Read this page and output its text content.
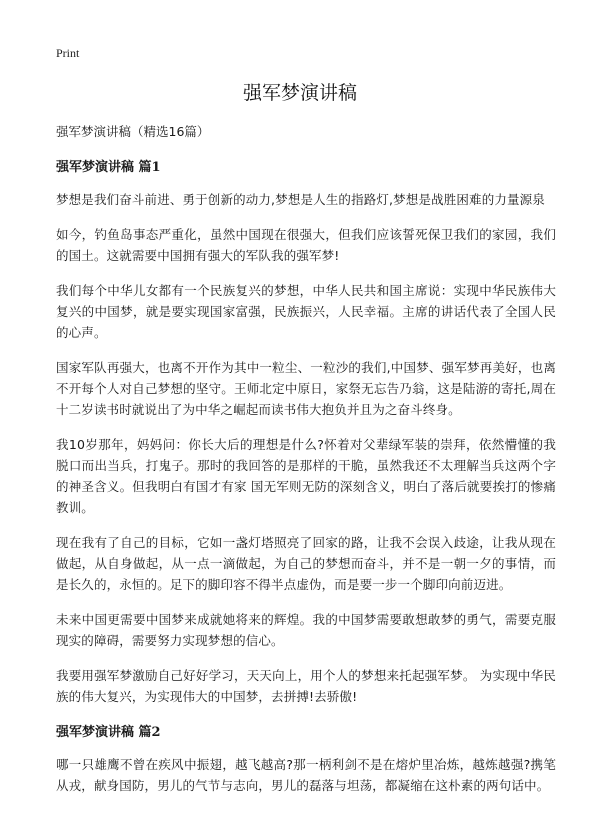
Print
强军梦演讲稿

强军梦演讲稿（精选16篇）

强军梦演讲稿 篇1

梦想是我们奋斗前进、勇于创新的动力,梦想是人生的指路灯,梦想是战胜困难的力量源泉

如今，钓鱼岛事态严重化，虽然中国现在很强大，但我们应该誓死保卫我们的家园，我们的国土。这就需要中国拥有强大的军队我的强军梦!

我们每个中华儿女都有一个民族复兴的梦想，中华人民共和国主席说：实现中华民族伟大复兴的中国梦，就是要实现国家富强，民族振兴，人民幸福。主席的讲话代表了全国人民的心声。

国家军队再强大，也离不开作为其中一粒尘、一粒沙的我们,中国梦、强军梦再美好，也离不开每个人对自己梦想的坚守。王师北定中原日，家祭无忘告乃翁，这是陆游的寄托,周在十二岁读书时就说出了为中华之崛起而读书伟大抱负并且为之奋斗终身。

我10岁那年，妈妈问：你长大后的理想是什么?怀着对父辈绿军装的崇拜，依然懵懂的我脱口而出当兵，打鬼子。那时的我回答的是那样的干脆，虽然我还不太理解当兵这两个字的神圣含义。但我明白有国才有家 国无军则无防的深刻含义，明白了落后就要挨打的惨痛教训。

现在我有了自己的目标，它如一盏灯塔照亮了回家的路，让我不会误入歧途，让我从现在做起，从自身做起，从一点一滴做起，为自己的梦想而奋斗，并不是一朝一夕的事情，而是长久的，永恒的。足下的脚印容不得半点虚伪，而是要一步一个脚印向前迈进。

未来中国更需要中国梦来成就她将来的辉煌。我的中国梦需要敢想敢梦的勇气，需要克服现实的障碍，需要努力实现梦想的信心。

我要用强军梦激励自己好好学习，天天向上，用个人的梦想来托起强军梦。 为实现中华民族的伟大复兴，为实现伟大的中国梦，去拼搏!去骄傲!

强军梦演讲稿 篇2

哪一只雄鹰不曾在疾风中振翅，越飞越高?那一柄利剑不是在熔炉里冶炼，越炼越强?携笔从戎，献身国防，男儿的气节与志向，男儿的磊落与坦荡，都凝缩在这朴素的两句话中。
